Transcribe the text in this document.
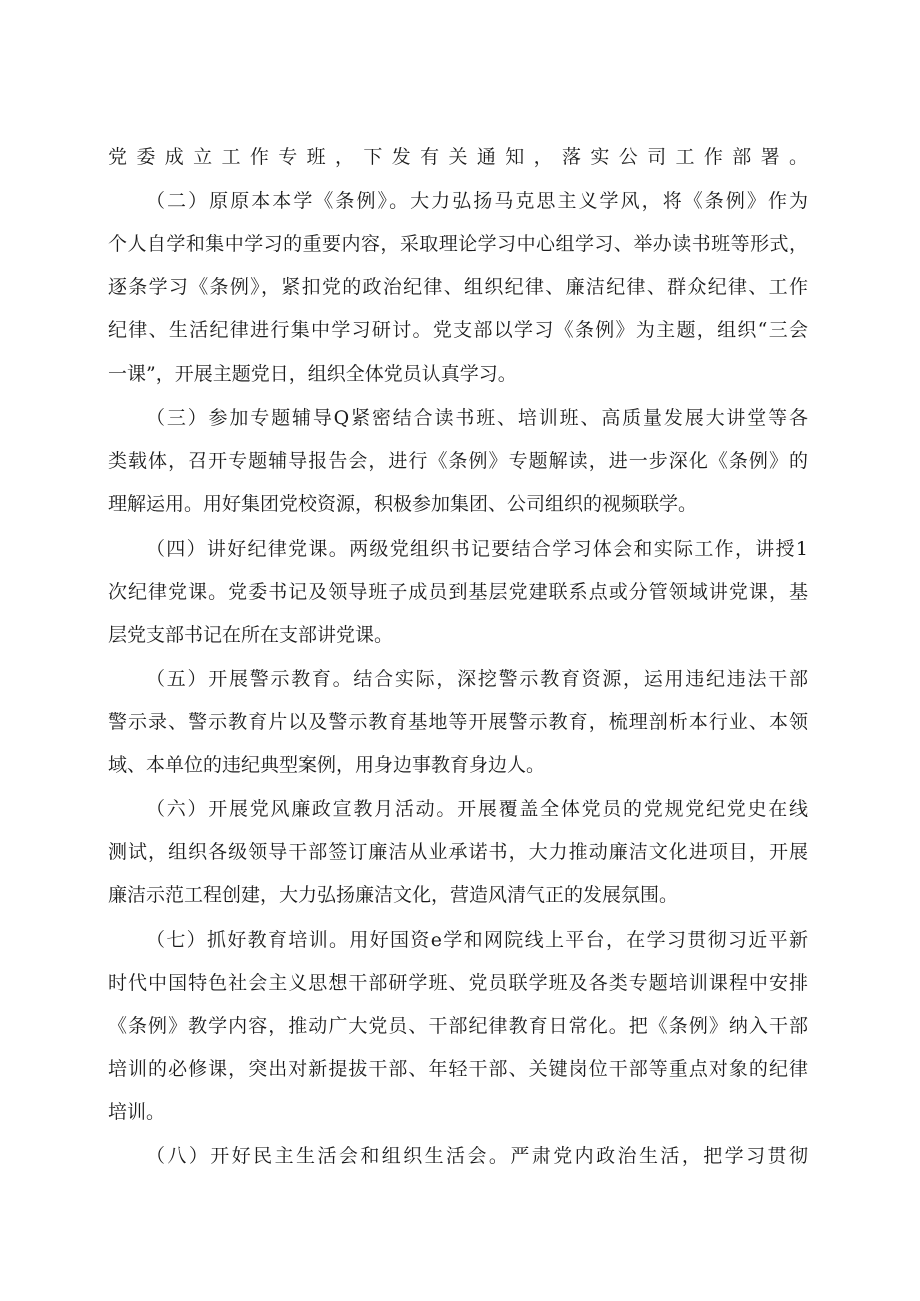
党委成立工作专班，下发有关通知，落实公司工作部署。
（二）原原本本学《条例》。大力弘扬马克思主义学风，将《条例》作为
个人自学和集中学习的重要内容，采取理论学习中心组学习、举办读书班等形式，
逐条学习《条例》，紧扣党的政治纪律、组织纪律、廉洁纪律、群众纪律、工作
纪律、生活纪律进行集中学习研讨。党支部以学习《条例》为主题，组织“三会
一课”，开展主题党日，组织全体党员认真学习。
（三）参加专题辅导Q紧密结合读书班、培训班、高质量发展大讲堂等各
类载体，召开专题辅导报告会，进行《条例》专题解读，进一步深化《条例》的
理解运用。用好集团党校资源，积极参加集团、公司组织的视频联学。
（四）讲好纪律党课。两级党组织书记要结合学习体会和实际工作，讲授1
次纪律党课。党委书记及领导班子成员到基层党建联系点或分管领域讲党课，基
层党支部书记在所在支部讲党课。
（五）开展警示教育。结合实际，深挖警示教育资源，运用违纪违法干部
警示录、警示教育片以及警示教育基地等开展警示教育，梳理剖析本行业、本领
域、本单位的违纪典型案例，用身边事教育身边人。
（六）开展党风廉政宣教月活动。开展覆盖全体党员的党规党纪党史在线
测试，组织各级领导干部签订廉洁从业承诺书，大力推动廉洁文化进项目，开展
廉洁示范工程创建，大力弘扬廉洁文化，营造风清气正的发展氛围。
（七）抓好教育培训。用好国资e学和网院线上平台，在学习贯彻习近平新
时代中国特色社会主义思想干部研学班、党员联学班及各类专题培训课程中安排
《条例》教学内容，推动广大党员、干部纪律教育日常化。把《条例》纳入干部
培训的必修课，突出对新提拔干部、年轻干部、关键岗位干部等重点对象的纪律
培训。
（八）开好民主生活会和组织生活会。严肃党内政治生活，把学习贯彻
